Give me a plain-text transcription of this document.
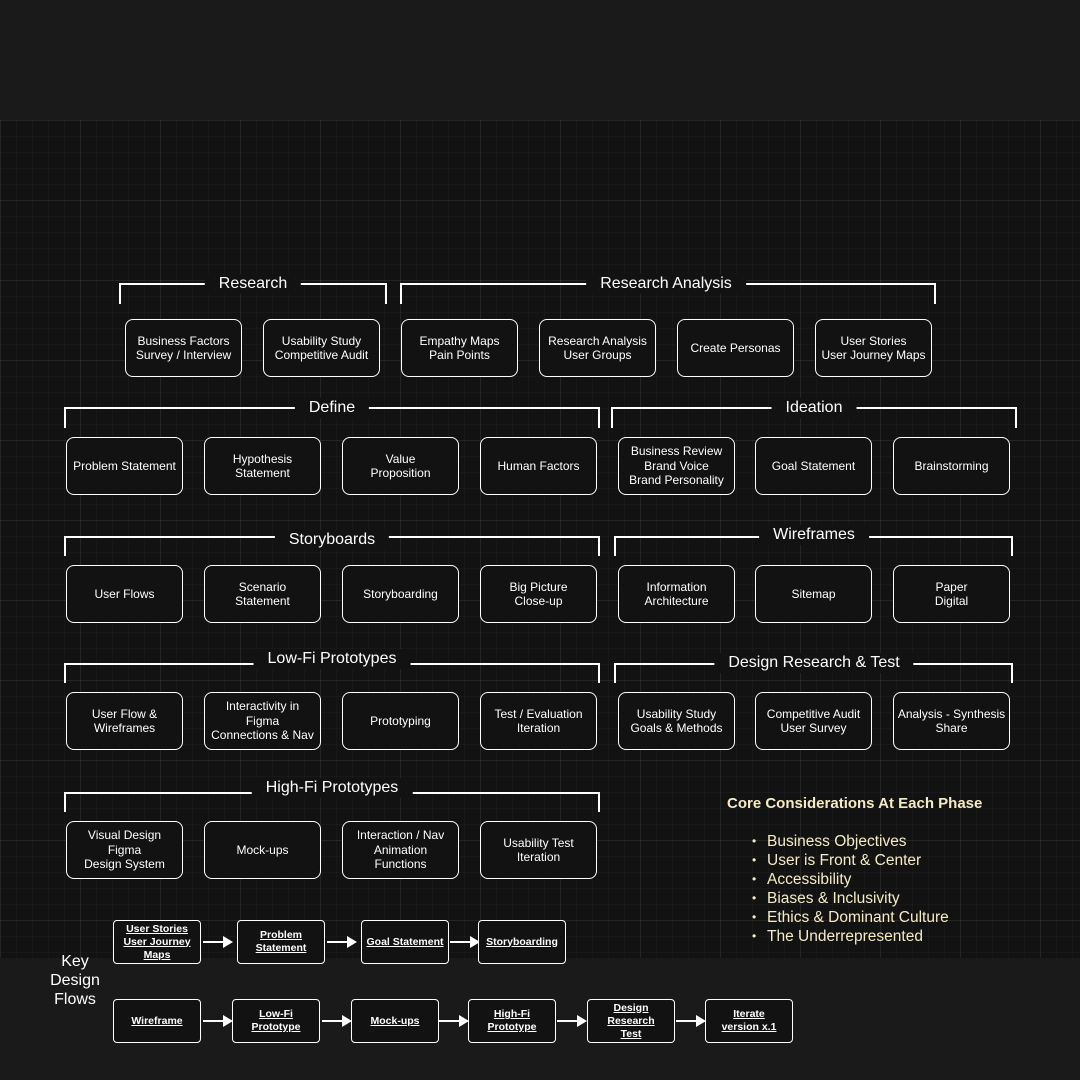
Research
Business Factors
Survey / Interview
Usability Study
Competitive Audit
Research Analysis
Empathy Maps
Pain Points
Research Analysis
User Groups
Create Personas
User Stories
User Journey Maps
Define
Problem Statement
Hypothesis
Statement
Value
Proposition
Human Factors
Ideation
Business Review
Brand Voice
Brand Personality
Goal Statement	Brainstorming
Storyboards
User Flows
Scenario
Statement
Storyboarding
Big Picture
Close-up
Wireframes
Information
Architecture
Sitemap
Paper
Digital
Low-Fi Prototypes
User Flow &
Wireframes
Interactivity in Figma
Connections & Nav
Prototyping
Test / Evaluation
Iteration
Design Research & Test
Usability Study
Goals & Methods
Competitive Audit
User Survey
Analysis - Synthesis
Share
High-Fi Prototypes
Visual Design
Figma
Design System
Mock-ups
Interaction / Nav
Animation
Functions
Usability Test
Iteration
Core Considerations At Each Phase
• Business Objectives
• User is Front & Center
• Accessibility
• Biases & Inclusivity
• Ethics & Dominant Culture
• The Underrepresented
Key
Design
Flows
User Stories
User Journey
Maps
Problem
Statement
Goal Statement	Storyboarding
Wireframe
Low-Fi
Prototype
Mock-ups
High-Fi
Prototype
Design Research
Test
Iterate
version x.1
